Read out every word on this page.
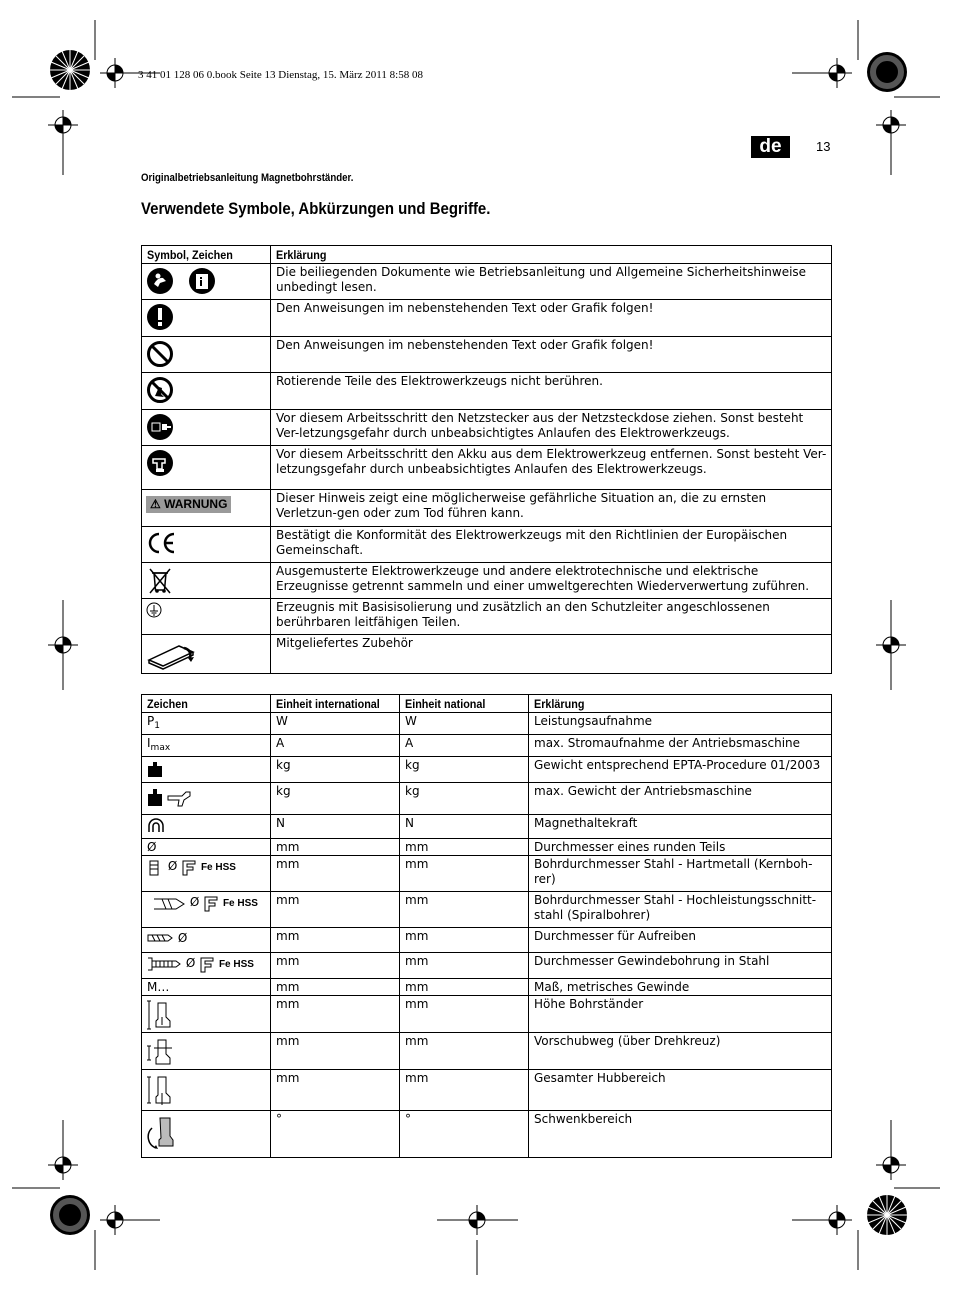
3 41 01 128 06 0.book Seite 13 Dienstag, 15. März 2011 8:58 08
de	13
Originalbetriebsanleitung Magnetbohrständer.
Verwendete Symbole, Abkürzungen und Begriffe.
Symbol, Zeichen	Erklärung
	Die beiliegenden Dokumente wie Betriebsanleitung und Allgemeine Sicherheitshinweise unbedingt lesen.
	Den Anweisungen im nebenstehenden Text oder Grafik folgen!
	Den Anweisungen im nebenstehenden Text oder Grafik folgen!
	Rotierende Teile des Elektrowerkzeugs nicht berühren.
	Vor diesem Arbeitsschritt den Netzstecker aus der Netzsteckdose ziehen. Sonst besteht Ver-letzungsgefahr durch unbeabsichtigtes Anlaufen des Elektrowerkzeugs.
	Vor diesem Arbeitsschritt den Akku aus dem Elektrowerkzeug entfernen. Sonst besteht Ver-letzungsgefahr durch unbeabsichtigtes Anlaufen des Elektrowerkzeugs.
⚠ WARNUNG	Dieser Hinweis zeigt eine möglicherweise gefährliche Situation an, die zu ernsten Verletzun-gen oder zum Tod führen kann.
	Bestätigt die Konformität des Elektrowerkzeugs mit den Richtlinien der Europäischen Gemeinschaft.
	Ausgemusterte Elektrowerkzeuge und andere elektrotechnische und elektrische Erzeugnisse getrennt sammeln und einer umweltgerechten Wiederverwertung zuführen.
	Erzeugnis mit Basisisolierung und zusätzlich an den Schutzleiter angeschlossenen berührbaren leitfähigen Teilen.
	Mitgeliefertes Zubehör
Zeichen	Einheit international	Einheit national	Erklärung
$P_1$	W	W	Leistungsaufnahme
$I_{max}$	A	A	max. Stromaufnahme der Antriebsmaschine
	kg	kg	Gewicht entsprechend EPTA-Procedure 01/2003
	kg	kg	max. Gewicht der Antriebsmaschine
	N	N	Magnethaltekraft
Ø	mm	mm	Durchmesser eines runden Teils
Ø Fe HSS	mm	mm	Bohrdurchmesser Stahl - Hartmetall (Kernboh-rer)
Ø Fe HSS	mm	mm	Bohrdurchmesser Stahl - Hochleistungsschnitt-stahl (Spiralbohrer)
Ø	mm	mm	Durchmesser für Aufreiben
Ø Fe HSS	mm	mm	Durchmesser Gewindebohrung in Stahl
M…	mm	mm	Maß, metrisches Gewinde
	mm	mm	Höhe Bohrständer
	mm	mm	Vorschubweg (über Drehkreuz)
	mm	mm	Gesamter Hubbereich
	°	°	Schwenkbereich
